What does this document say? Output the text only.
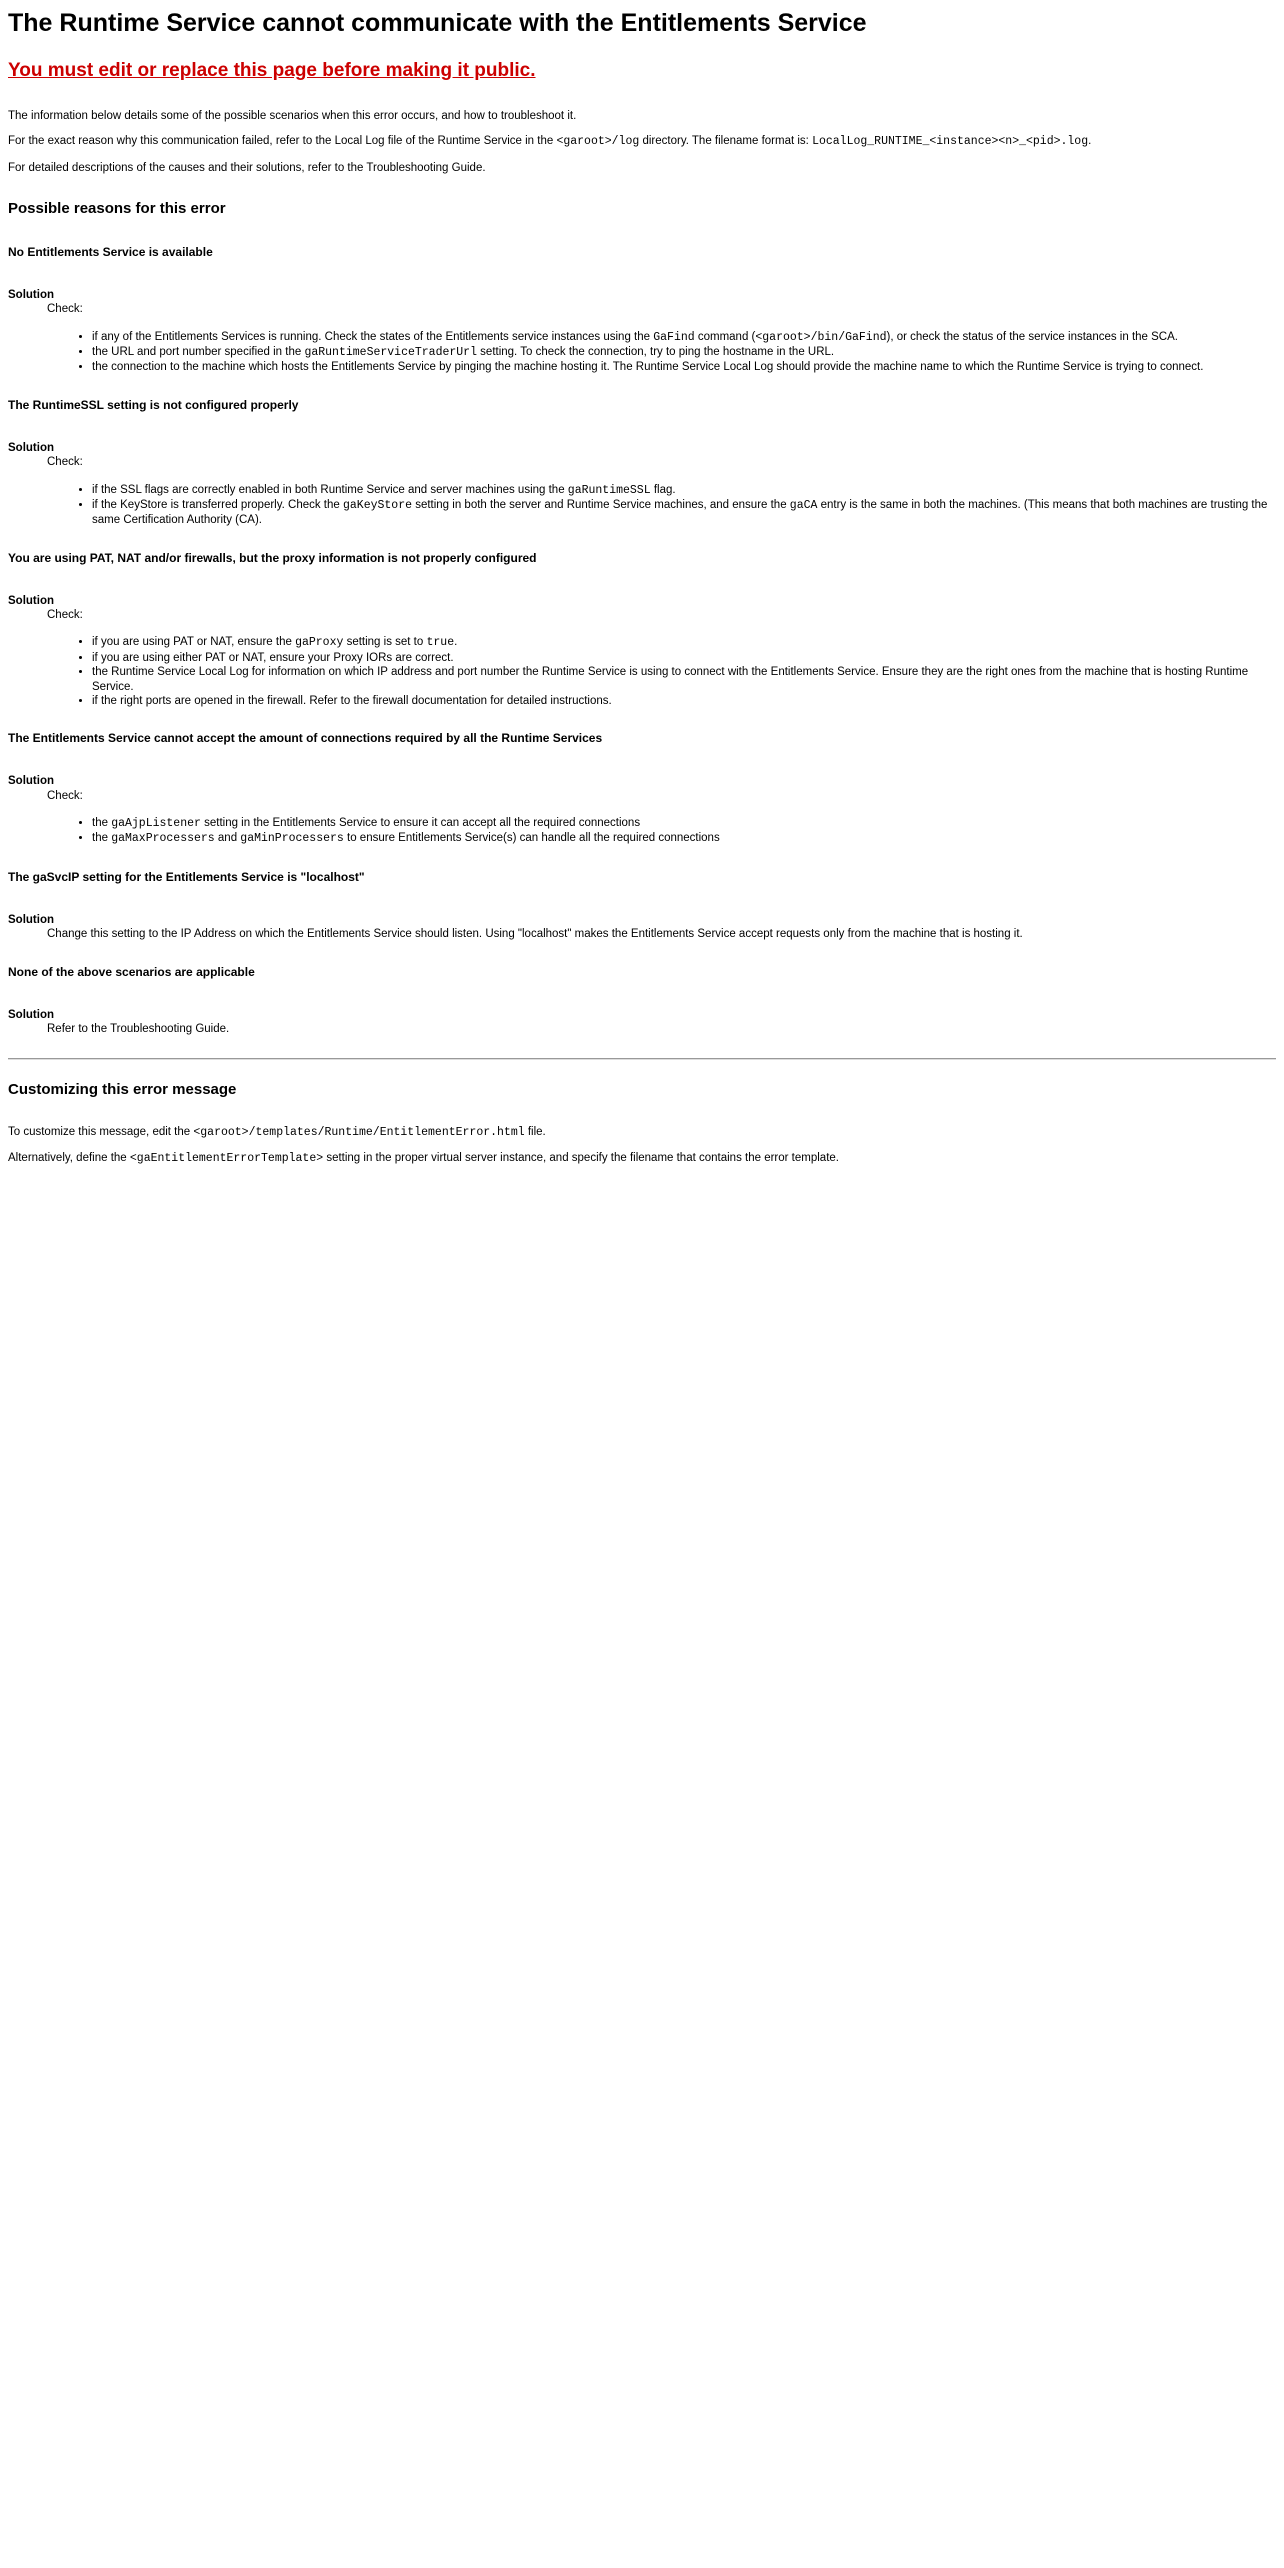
The Runtime Service cannot communicate with the Entitlements Service
You must edit or replace this page before making it public.

The information below details some of the possible scenarios when this error occurs, and how to troubleshoot it.

For the exact reason why this communication failed, refer to the Local Log file of the Runtime Service in the <garoot>/log directory. The filename format is: LocalLog_RUNTIME_<instance><n>_<pid>.log.

For detailed descriptions of the causes and their solutions, refer to the Troubleshooting Guide.

Possible reasons for this error
No Entitlements Service is available
Solution
Check:
• if any of the Entitlements Services is running. Check the states of the Entitlements service instances using the GaFind command (<garoot>/bin/GaFind), or check the status of the service instances in the SCA.
• the URL and port number specified in the gaRuntimeServiceTraderUrl setting. To check the connection, try to ping the hostname in the URL.
• the connection to the machine which hosts the Entitlements Service by pinging the machine hosting it. The Runtime Service Local Log should provide the machine name to which the Runtime Service is trying to connect.
The RuntimeSSL setting is not configured properly
Solution
Check:
• if the SSL flags are correctly enabled in both Runtime Service and server machines using the gaRuntimeSSL flag.
• if the KeyStore is transferred properly. Check the gaKeyStore setting in both the server and Runtime Service machines, and ensure the gaCA entry is the same in both the machines. (This means that both machines are trusting the same Certification Authority (CA).
You are using PAT, NAT and/or firewalls, but the proxy information is not properly configured
Solution
Check:
• if you are using PAT or NAT, ensure the gaProxy setting is set to true.
• if you are using either PAT or NAT, ensure your Proxy IORs are correct.
• the Runtime Service Local Log for information on which IP address and port number the Runtime Service is using to connect with the Entitlements Service. Ensure they are the right ones from the machine that is hosting Runtime Service.
• if the right ports are opened in the firewall. Refer to the firewall documentation for detailed instructions.
The Entitlements Service cannot accept the amount of connections required by all the Runtime Services
Solution
Check:
• the gaAjpListener setting in the Entitlements Service to ensure it can accept all the required connections
• the gaMaxProcessers and gaMinProcessers to ensure Entitlements Service(s) can handle all the required connections
The gaSvcIP setting for the Entitlements Service is "localhost"
Solution
Change this setting to the IP Address on which the Entitlements Service should listen. Using "localhost" makes the Entitlements Service accept requests only from the machine that is hosting it.
None of the above scenarios are applicable
Solution
Refer to the Troubleshooting Guide.
Customizing this error message

To customize this message, edit the <garoot>/templates/Runtime/EntitlementError.html file.

Alternatively, define the <gaEntitlementErrorTemplate> setting in the proper virtual server instance, and specify the filename that contains the error template.
